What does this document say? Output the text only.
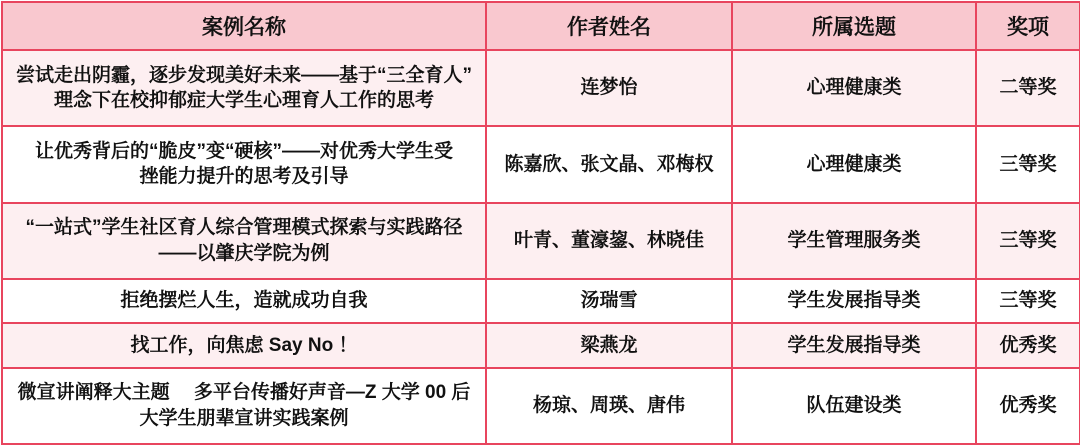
案例名称	作者姓名	所属选题	奖项

尝试走出阴霾，逐步发现美好未来——基于“三全育人”
理念下在校抑郁症大学生心理育人工作的思考	连梦怡	心理健康类	二等奖

让优秀背后的“脆皮”变“硬核”——对优秀大学生受
挫能力提升的思考及引导	陈嘉欣、张文晶、邓梅权	心理健康类	三等奖

“一站式”学生社区育人综合管理模式探索与实践路径
——以肇庆学院为例	叶青、董濠鋆、林晓佳	学生管理服务类	三等奖

拒绝摆烂人生，造就成功自我	汤瑞雪	学生发展指导类	三等奖

找工作，向焦虑 Say No ！	梁燕龙	学生发展指导类	优秀奖

微宣讲阐释大主题　 多平台传播好声音—Z 大学 00 后
大学生朋辈宣讲实践案例	杨琼、周瑛、唐伟	队伍建设类	优秀奖
